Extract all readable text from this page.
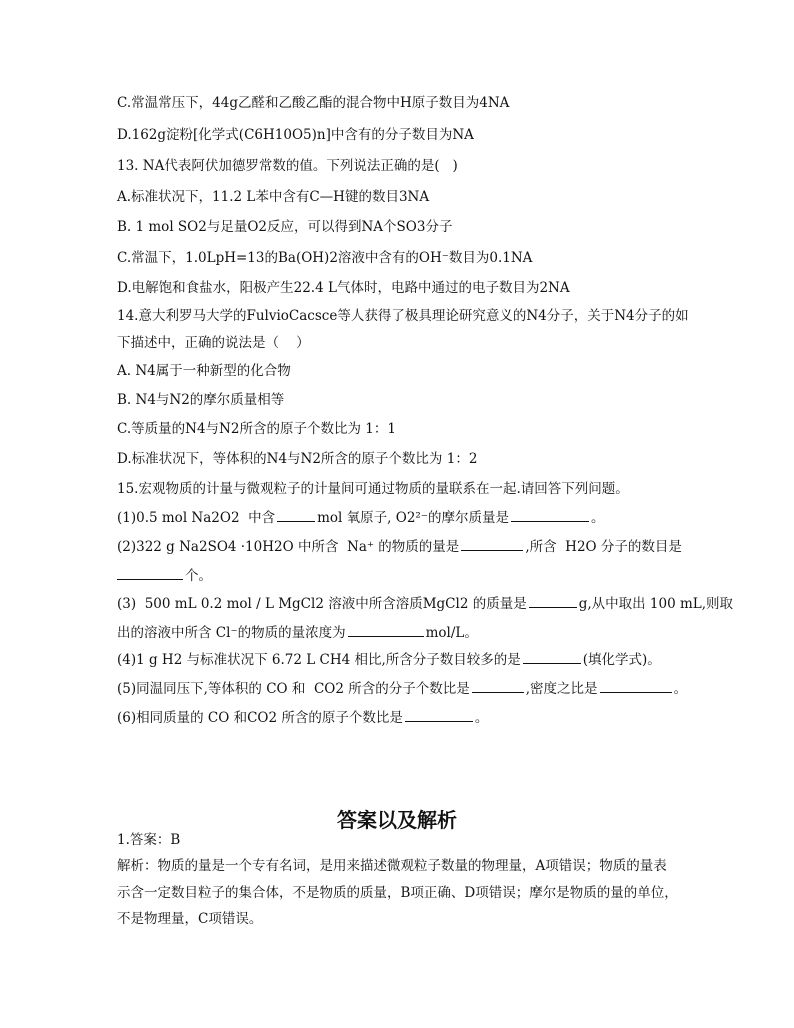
C.常温常压下，44g乙醛和乙酸乙酯的混合物中H原子数目为4NA
D.162g淀粉[化学式(C6H10O5)n]中含有的分子数目为NA
13. NA代表阿伏加德罗常数的值。下列说法正确的是(   )
A.标准状况下，11.2 L苯中含有C—H键的数目3NA
B. 1 mol SO2与足量O2反应，可以得到NA个SO3分子
C.常温下，1.0LpH=13的Ba(OH)2溶液中含有的OH⁻数目为0.1NA
D.电解饱和食盐水，阳极产生22.4 L气体时，电路中通过的电子数目为2NA
14.意大利罗马大学的FulvioCacsce等人获得了极具理论研究意义的N4分子，关于N4分子的如
下描述中，正确的说法是（    ）
A. N4属于一种新型的化合物
B. N4与N2的摩尔质量相等
C.等质量的N4与N2所含的原子个数比为 1：1
D.标准状况下，等体积的N4与N2所含的原子个数比为 1：2
15.宏观物质的计量与微观粒子的计量间可通过物质的量联系在一起.请回答下列问题。
(1)0.5 mol Na2O2  中含	mol 氧原子, O2²⁻的摩尔质量是	。
(2)322 g Na2SO4 ·10H2O 中所含  Na⁺ 的物质的量是	,所含  H2O 分子的数目是
个。
(3)  500 mL 0.2 mol / L MgCl2 溶液中所含溶质MgCl2 的质量是	g,从中取出 100 mL,则取
出的溶液中所含 Cl⁻的物质的量浓度为	mol/L。
(4)1 g H2 与标准状况下 6.72 L CH4 相比,所含分子数目较多的是	(填化学式)。
(5)同温同压下,等体积的 CO 和  CO2 所含的分子个数比是	,密度之比是	。
(6)相同质量的 CO 和CO2 所含的原子个数比是	。
答案以及解析
1.答案：B
解析：物质的量是一个专有名词，是用来描述微观粒子数量的物理量，A项错误；物质的量表
示含一定数目粒子的集合体，不是物质的质量，B项正确、D项错误；摩尔是物质的量的单位，
不是物理量，C项错误。
